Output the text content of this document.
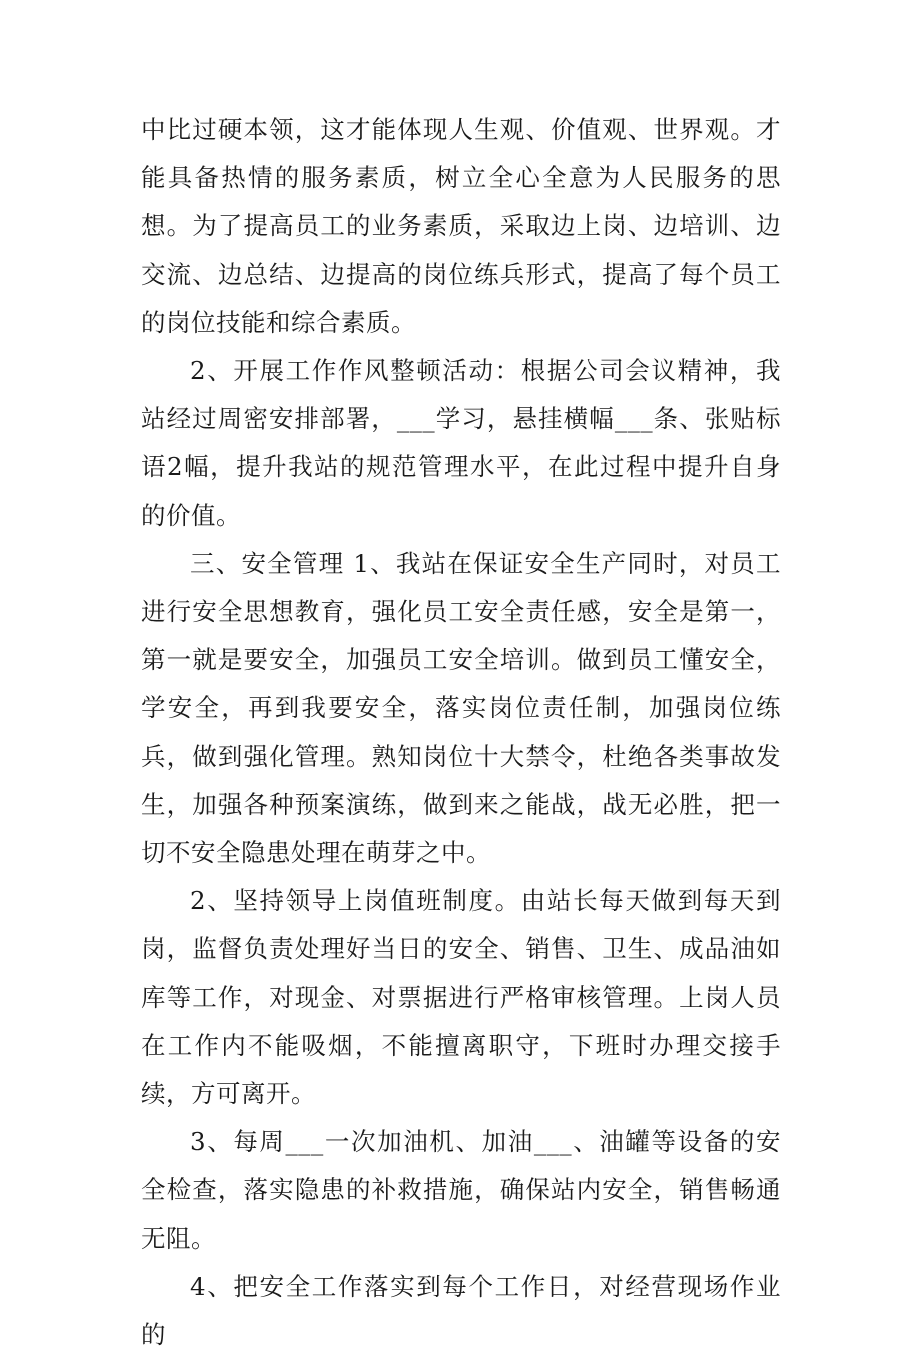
中比过硬本领，这才能体现人生观、价值观、世界观。才能具备热情的服务素质，树立全心全意为人民服务的思想。为了提高员工的业务素质，采取边上岗、边培训、边交流、边总结、边提高的岗位练兵形式，提高了每个员工的岗位技能和综合素质。

2、开展工作作风整顿活动：根据公司会议精神，我站经过周密安排部署，___学习，悬挂横幅___条、张贴标语2幅，提升我站的规范管理水平，在此过程中提升自身的价值。

三、安全管理 1、我站在保证安全生产同时，对员工进行安全思想教育，强化员工安全责任感，安全是第一，第一就是要安全，加强员工安全培训。做到员工懂安全，学安全，再到我要安全，落实岗位责任制，加强岗位练兵，做到强化管理。熟知岗位十大禁令，杜绝各类事故发生，加强各种预案演练，做到来之能战，战无必胜，把一切不安全隐患处理在萌芽之中。

2、坚持领导上岗值班制度。由站长每天做到每天到岗，监督负责处理好当日的安全、销售、卫生、成品油如库等工作，对现金、对票据进行严格审核管理。上岗人员在工作内不能吸烟，不能擅离职守，下班时办理交接手续，方可离开。

3、每周___一次加油机、加油___、油罐等设备的安全检查，落实隐患的补救措施，确保站内安全，销售畅通无阻。

4、把安全工作落实到每个工作日，对经营现场作业的
